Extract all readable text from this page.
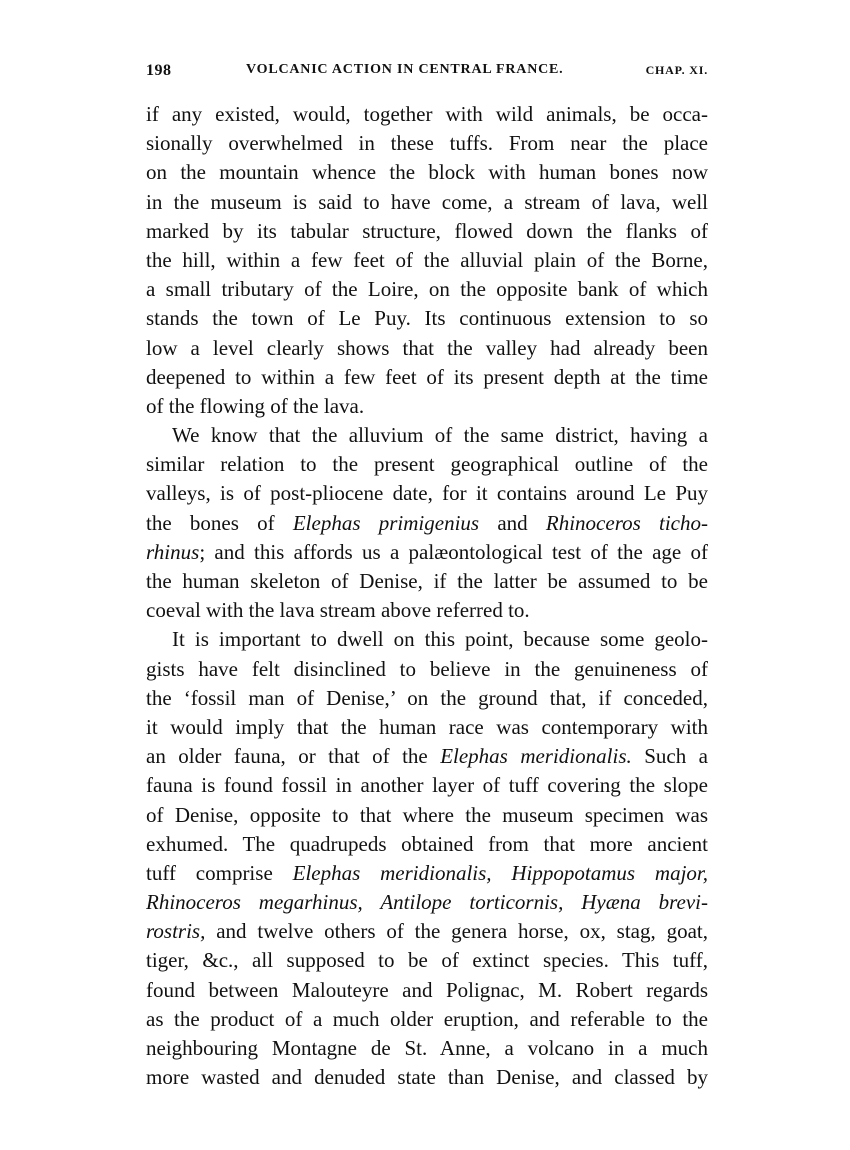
198	VOLCANIC ACTION IN CENTRAL FRANCE.	CHAP. XI.
if any existed, would, together with wild animals, be occa-
sionally overwhelmed in these tuffs. From near the place
on the mountain whence the block with human bones now
in the museum is said to have come, a stream of lava, well
marked by its tabular structure, flowed down the flanks of
the hill, within a few feet of the alluvial plain of the Borne,
a small tributary of the Loire, on the opposite bank of which
stands the town of Le Puy. Its continuous extension to so
low a level clearly shows that the valley had already been
deepened to within a few feet of its present depth at the time
of the flowing of the lava.
We know that the alluvium of the same district, having a
similar relation to the present geographical outline of the
valleys, is of post-pliocene date, for it contains around Le Puy
the bones of Elephas primigenius and Rhinoceros ticho-
rhinus; and this affords us a palæontological test of the age of
the human skeleton of Denise, if the latter be assumed to be
coeval with the lava stream above referred to.
It is important to dwell on this point, because some geolo-
gists have felt disinclined to believe in the genuineness of
the ‘fossil man of Denise,’ on the ground that, if conceded,
it would imply that the human race was contemporary with
an older fauna, or that of the Elephas meridionalis. Such a
fauna is found fossil in another layer of tuff covering the slope
of Denise, opposite to that where the museum specimen was
exhumed. The quadrupeds obtained from that more ancient
tuff comprise Elephas meridionalis, Hippopotamus major,
Rhinoceros megarhinus, Antilope torticornis, Hyæna brevi-
rostris, and twelve others of the genera horse, ox, stag, goat,
tiger, &c., all supposed to be of extinct species. This tuff,
found between Malouteyre and Polignac, M. Robert regards
as the product of a much older eruption, and referable to the
neighbouring Montagne de St. Anne, a volcano in a much
more wasted and denuded state than Denise, and classed by
